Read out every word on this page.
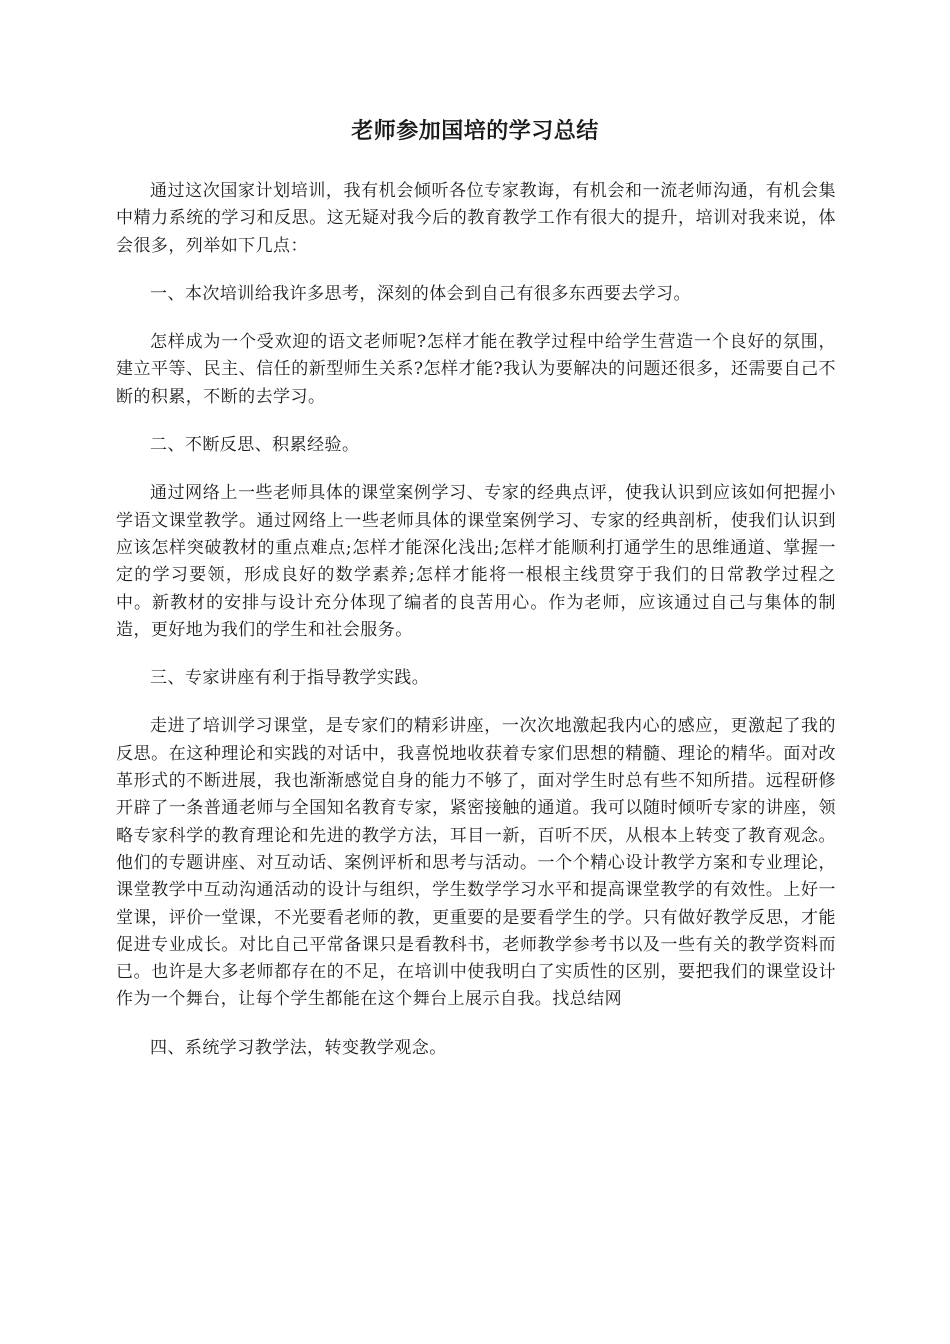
老师参加国培的学习总结

通过这次国家计划培训，我有机会倾听各位专家教诲，有机会和一流老师沟通，有机会集中精力系统的学习和反思。这无疑对我今后的教育教学工作有很大的提升，培训对我来说，体会很多，列举如下几点：

一、本次培训给我许多思考，深刻的体会到自己有很多东西要去学习。

怎样成为一个受欢迎的语文老师呢?怎样才能在教学过程中给学生营造一个良好的氛围，建立平等、民主、信任的新型师生关系?怎样才能?我认为要解决的问题还很多，还需要自己不断的积累，不断的去学习。

二、不断反思、积累经验。

通过网络上一些老师具体的课堂案例学习、专家的经典点评，使我认识到应该如何把握小学语文课堂教学。通过网络上一些老师具体的课堂案例学习、专家的经典剖析，使我们认识到应该怎样突破教材的重点难点;怎样才能深化浅出;怎样才能顺利打通学生的思维通道、掌握一定的学习要领，形成良好的数学素养;怎样才能将一根根主线贯穿于我们的日常教学过程之中。新教材的安排与设计充分体现了编者的良苦用心。作为老师，应该通过自己与集体的制造，更好地为我们的学生和社会服务。

三、专家讲座有利于指导教学实践。

走进了培训学习课堂，是专家们的精彩讲座，一次次地激起我内心的感应，更激起了我的反思。在这种理论和实践的对话中，我喜悦地收获着专家们思想的精髓、理论的精华。面对改革形式的不断进展，我也渐渐感觉自身的能力不够了，面对学生时总有些不知所措。远程研修开辟了一条普通老师与全国知名教育专家，紧密接触的通道。我可以随时倾听专家的讲座，领略专家科学的教育理论和先进的教学方法，耳目一新，百听不厌，从根本上转变了教育观念。他们的专题讲座、对互动话、案例评析和思考与活动。一个个精心设计教学方案和专业理论，课堂教学中互动沟通活动的设计与组织，学生数学学习水平和提高课堂教学的有效性。上好一堂课，评价一堂课，不光要看老师的教，更重要的是要看学生的学。只有做好教学反思，才能促进专业成长。对比自己平常备课只是看教科书，老师教学参考书以及一些有关的教学资料而已。也许是大多老师都存在的不足，在培训中使我明白了实质性的区别，要把我们的课堂设计作为一个舞台，让每个学生都能在这个舞台上展示自我。找总结网

四、系统学习教学法，转变教学观念。
